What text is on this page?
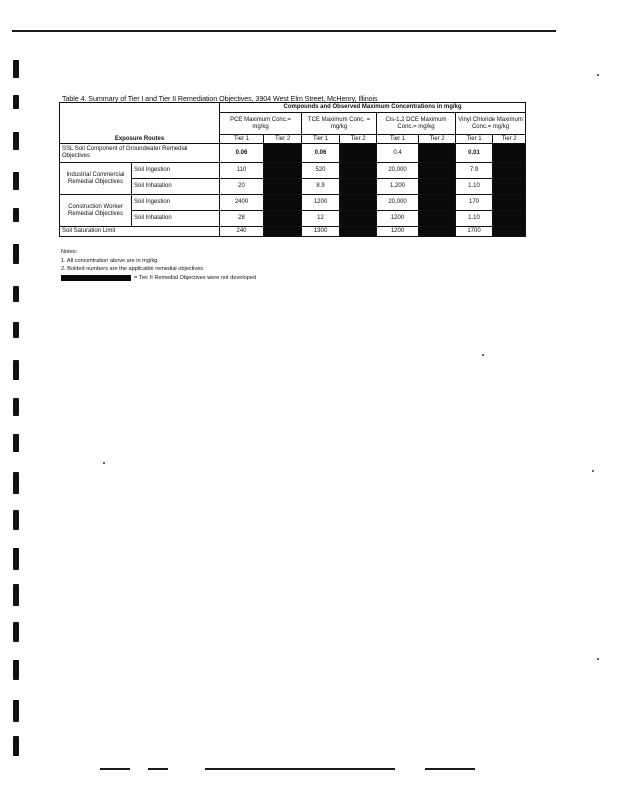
Table 4. Summary of Tier I and Tier II Remediation Objectives, 3904 West Elm Street, McHenry, Illinois
Exposure Routes		Compounds and Observed Maximum Concentrations in mg/kg							
		PCE Maximum Conc.= mg/kg		TCE Maximum Conc. = mg/kg		Cis-1,2 DCE Maximum Conc.= mg/kg		Vinyl Chloride Maximum Conc.= mg/kg	
		Tier 1	Tier 2	Tier 1	Tier 2	Tier 1	Tier 2	Tier 1	Tier 2
SSL Soil Component of Groundwater Remedial Objectives		0.06		0.06		0.4		0.01	
Industrial Commercial Remedial Objectives	Soil Ingestion	110		520		20,000		7.9	
	Soil Inhalation	20		8.9		1,200		1.10	
Construction Worker Remedial Objectives	Soil Ingestion	2400		1200		20,000		170	
	Soil Inhalation	28		12		1200		1.10	
Soil Saturation Limit		240		1300		1200		1700	
Notes:
1. All concentration above are in mg/kg
2. Bolded numbers are the applicable remedial objectives
= Tier II Remedial Objectives were not developed
